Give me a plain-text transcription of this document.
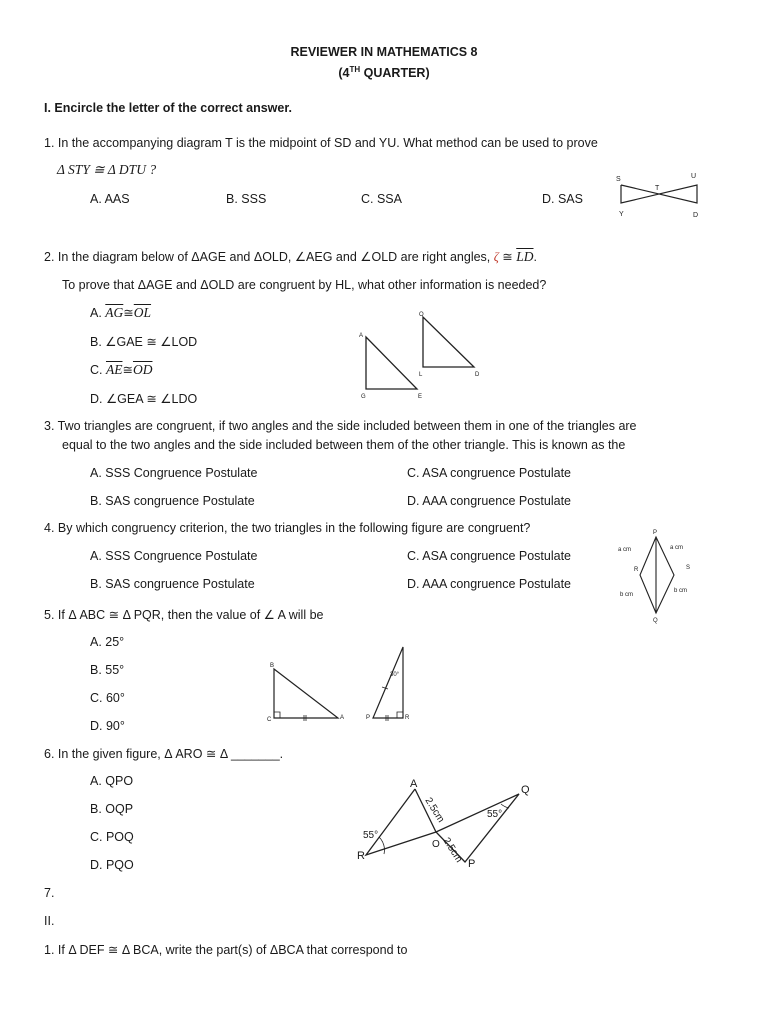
REVIEWER IN MATHEMATICS 8
(4TH QUARTER)
I. Encircle the letter of the correct answer.
1. In the accompanying diagram T is the midpoint of SD and YU. What method can be used to prove
Δ STY ≅ Δ DTU ?
A. AAS	B. SSS	C. SSA	D. SAS
S
T
U
Y	D
2. In the diagram below of ΔAGE and ΔOLD, ∠AEG and ∠OLD are right angles, ζ ≅ $\overline{LD}$.
To prove that ΔAGE and ΔOLD are congruent by HL, what other information is needed?
A. $\overline{AG}≅\overline{OL}$
B. ∠GAE ≅ ∠LOD
C. $\overline{AE}≅\overline{OD}$
D. ∠GEA ≅ ∠LDO
A
G	E
O
L	D
3. Two triangles are congruent, if two angles and the side included between them in one of the triangles are
equal to the two angles and the side included between them of the other triangle. This is known as the
A. SSS Congruence Postulate	C. ASA congruence Postulate
B. SAS congruence Postulate	D. AAA congruence Postulate
4. By which congruency criterion, the two triangles in the following figure are congruent?
A. SSS Congruence Postulate	C. ASA congruence Postulate
B. SAS congruence Postulate	D. AAA congruence Postulate
P
a cm	a cm
R	S
b cm
b cm
Q
5. If Δ ABC ≅ Δ PQR, then the value of ∠ A will be
A. 25°
B. 55°
C. 60°
D. 90°
B
C	A	P	R
30°
6. In the given figure, Δ ARO ≅ Δ _______.
A. QPO
B. OQP
C. POQ
D. PQO
A	Q
R
P
O
2.5cm
2.5cm
55°
55°
7.
II.
1. If Δ DEF ≅ Δ BCA, write the part(s) of ΔBCA that correspond to
